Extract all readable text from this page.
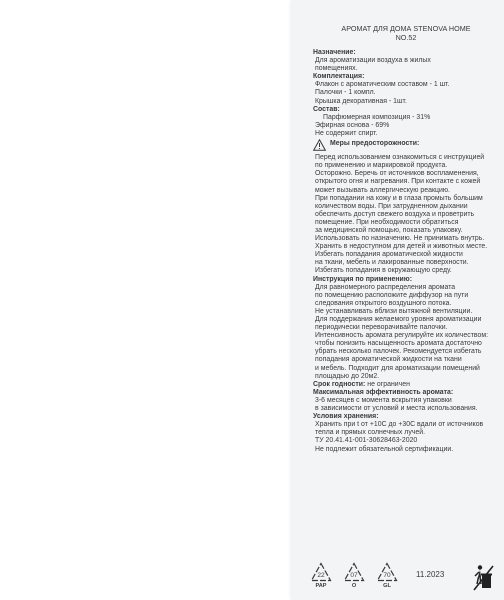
АРОМАТ ДЛЯ ДОМА STENOVA HOME
NO.52
Назначение:
Для ароматизации воздуха в жилых
помещениях.
Комплектация:
Флакон с ароматическим составом - 1 шт.
Палочки - 1 компл.
Крышка декоративная - 1шт.
Состав:
Парфюмерная композиция - 31%
Эфирная основа - 69%
Не содержит спирт.
Меры предосторожности:
Перед использованием ознакомиться с инструкцией
по применению и маркировкой продукта.
Осторожно. Беречь от источников воспламенения,
открытого огня и нагревания. При контакте с кожей
может вызывать аллергическую реакцию.
При попадании на кожу и в глаза промыть большим
количеством воды. При затрудненном дыхании
обеспечить доступ свежего воздуха и проветрить
помещение. При необходимости обратиться
за медицинской помощью, показать упаковку.
Использовать по назначению. Не принимать внутрь.
Хранить в недоступном для детей и животных месте.
Избегать попадания ароматической жидкости
на ткани, мебель и лакированные поверхности.
Избегать попадания в окружающую среду.
Инструкция по применению:
Для равномерного распределения аромата
по помещению расположите диффузор на пути
следования открытого воздушного потока.
Не устанавливать вблизи вытяжной вентиляции.
Для поддержания желаемого уровня ароматизации
периодически переворачивайте палочки.
Интенсивность аромата регулируйте их количеством:
чтобы понизить насыщенность аромата достаточно
убрать несколько палочек. Рекомендуется избегать
попадания ароматической жидкости на ткани
и мебель. Подходит для ароматизации помещений
площадью до 20м2.
Срок годности: не ограничен
Максимальная эффективность аромата:
3-6 месяцев с момента вскрытия упаковки
в зависимости от условий и места использования.
Условия хранения:
Хранить при t от +10С до +30С вдали от источников
тепла и прямых солнечных лучей.
ТУ 20.41.41-001-30628463-2020
Не подлежит обязательной сертификации.
22
PAP
07
O
70
GL
11.2023
